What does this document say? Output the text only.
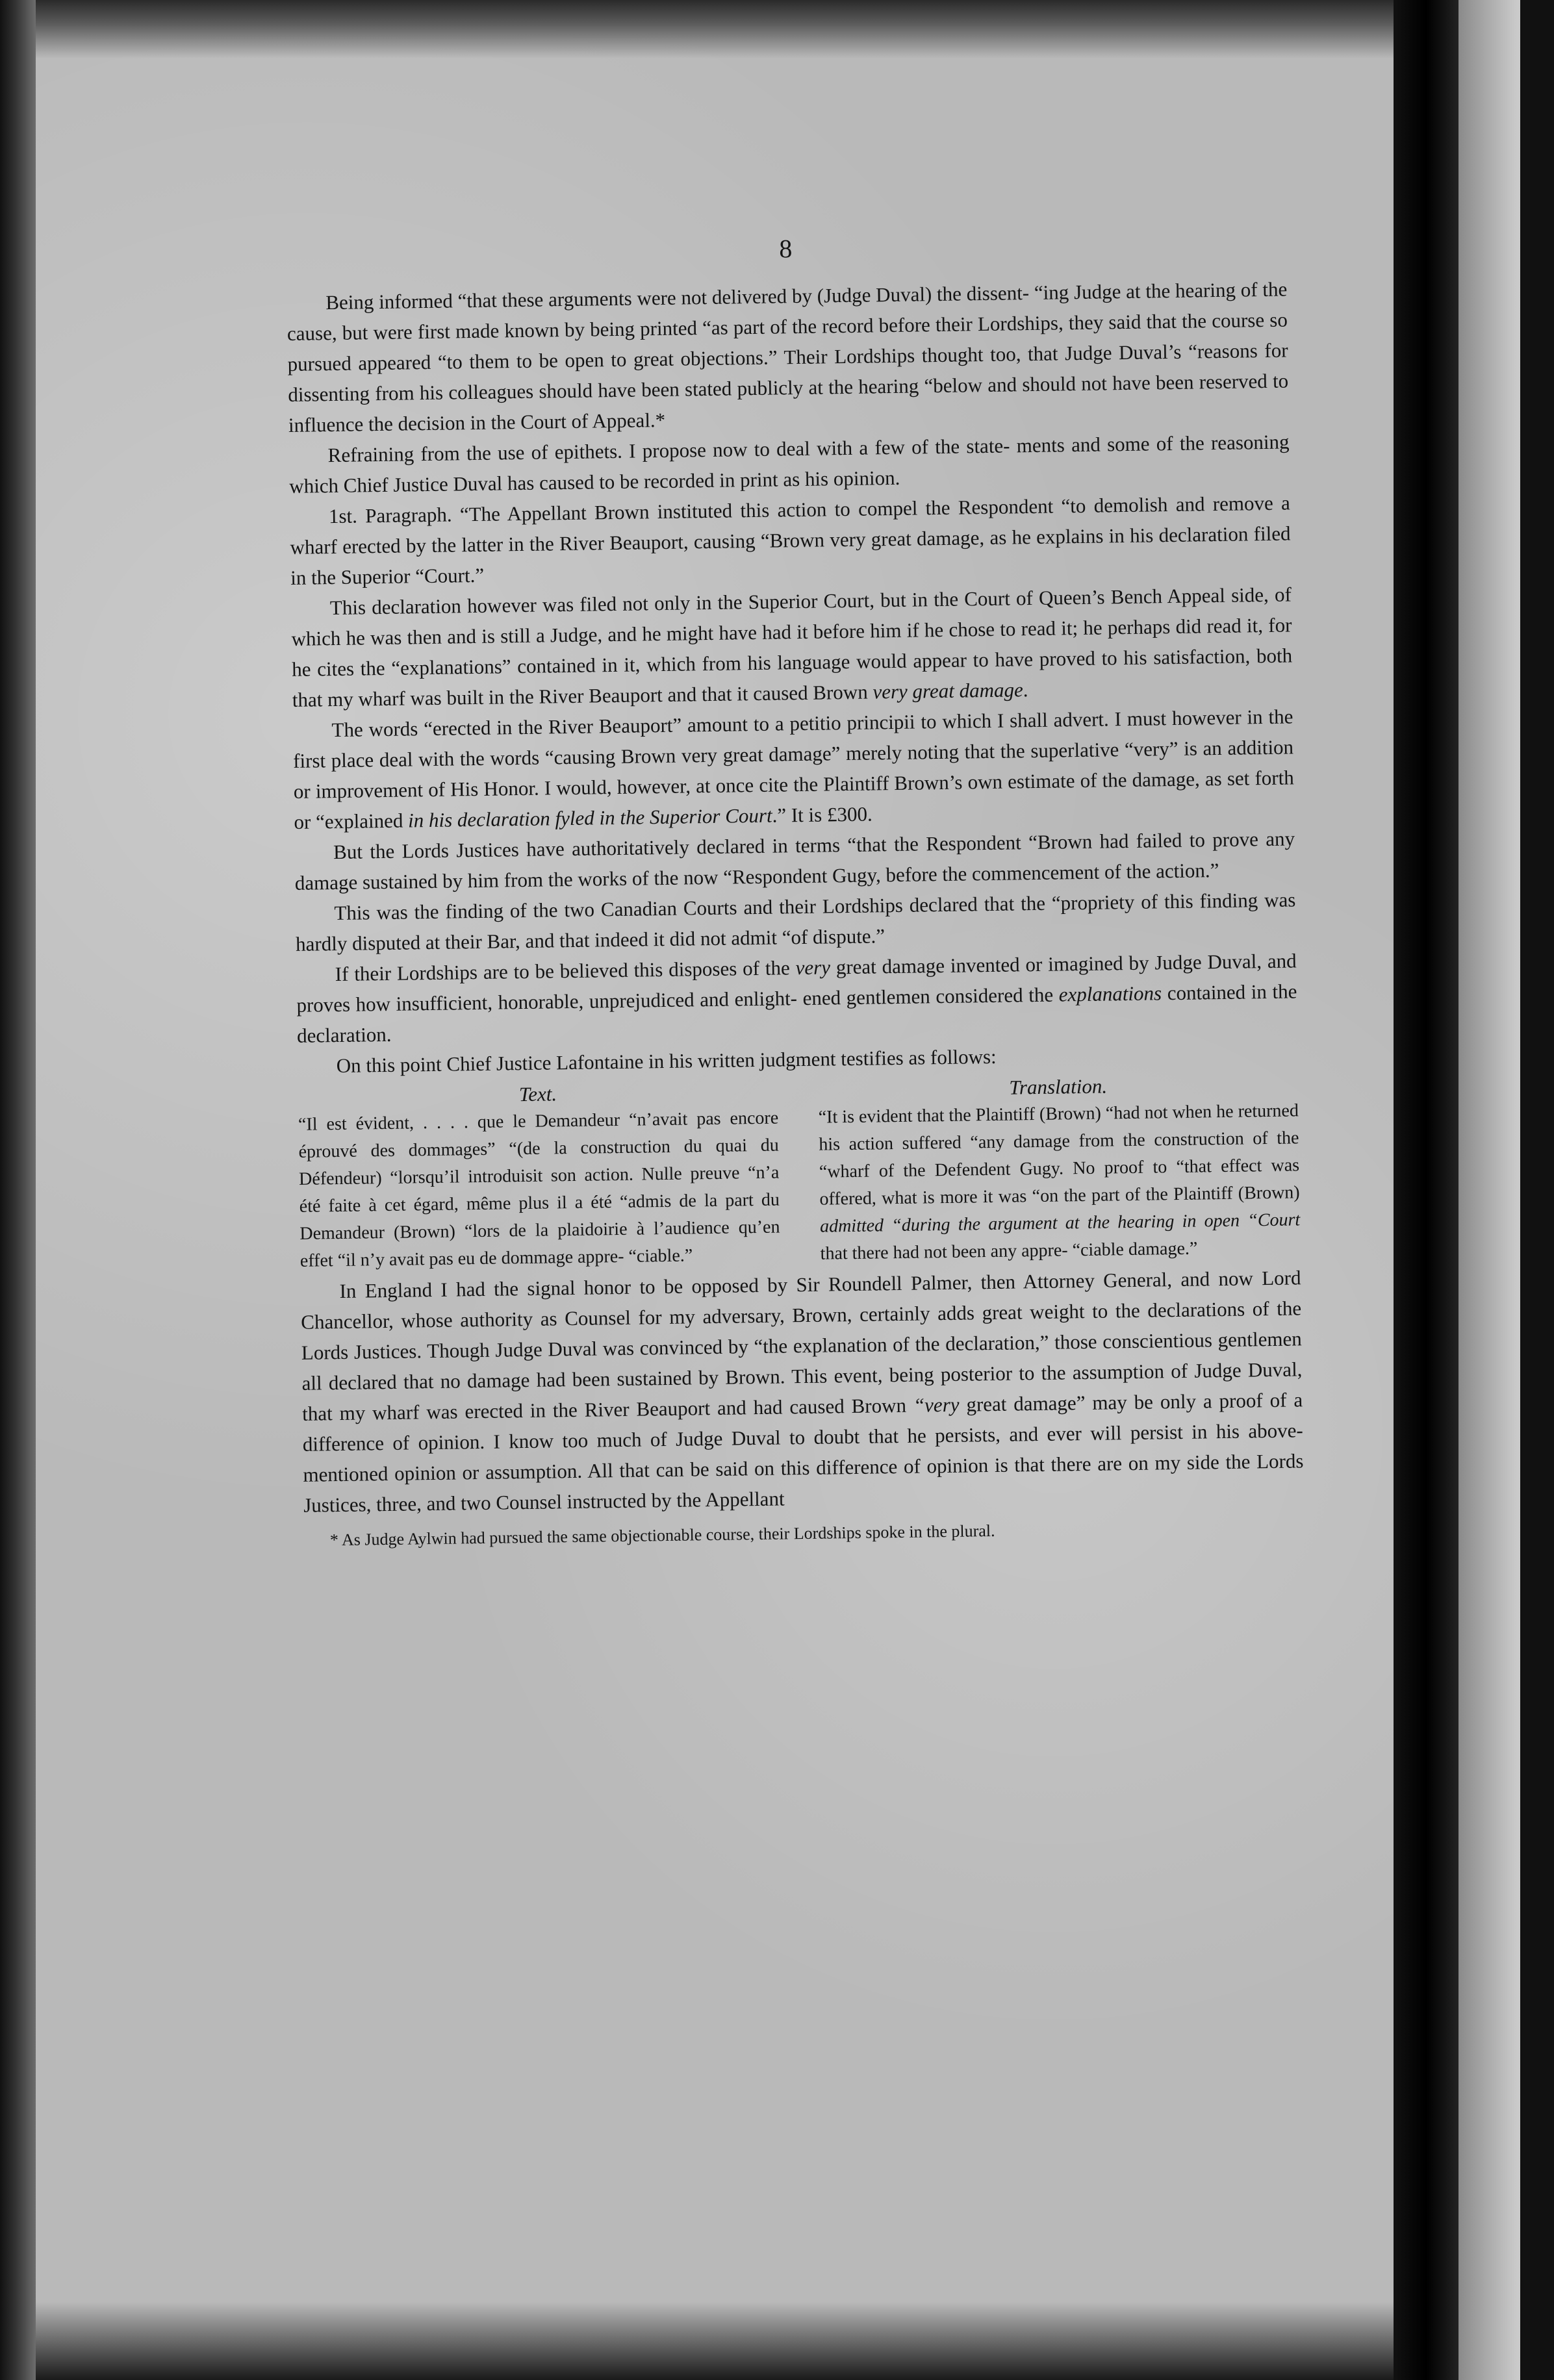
8

Being informed “that these arguments were not delivered by (Judge Duval) the dissent- “ing Judge at the hearing of the cause, but were first made known by being printed “as part of the record before their Lordships, they said that the course so pursued appeared “to them to be open to great objections.” Their Lordships thought too, that Judge Duval’s “reasons for dissenting from his colleagues should have been stated publicly at the hearing “below and should not have been reserved to influence the decision in the Court of Appeal.*

Refraining from the use of epithets. I propose now to deal with a few of the state- ments and some of the reasoning which Chief Justice Duval has caused to be recorded in print as his opinion.

1st. Paragraph. “The Appellant Brown instituted this action to compel the Respondent “to demolish and remove a wharf erected by the latter in the River Beauport, causing “Brown very great damage, as he explains in his declaration filed in the Superior “Court.”

This declaration however was filed not only in the Superior Court, but in the Court of Queen’s Bench Appeal side, of which he was then and is still a Judge, and he might have had it before him if he chose to read it; he perhaps did read it, for he cites the “explanations” contained in it, which from his language would appear to have proved to his satisfaction, both that my wharf was built in the River Beauport and that it caused Brown very great damage.

The words “erected in the River Beauport” amount to a petitio principii to which I shall advert. I must however in the first place deal with the words “causing Brown very great damage” merely noting that the superlative “very” is an addition or improvement of His Honor. I would, however, at once cite the Plaintiff Brown’s own estimate of the damage, as set forth or “explained in his declaration fyled in the Superior Court.” It is £300.

But the Lords Justices have authoritatively declared in terms “that the Respondent “Brown had failed to prove any damage sustained by him from the works of the now “Respondent Gugy, before the commencement of the action.”

This was the finding of the two Canadian Courts and their Lordships declared that the “propriety of this finding was hardly disputed at their Bar, and that indeed it did not admit “of dispute.”

If their Lordships are to be believed this disposes of the very great damage invented or imagined by Judge Duval, and proves how insufficient, honorable, unprejudiced and enlight- ened gentlemen considered the explanations contained in the declaration.

On this point Chief Justice Lafontaine in his written judgment testifies as follows:

Text.

“Il est évident, . . . . que le Demandeur “n’avait pas encore éprouvé des dommages” “(de la construction du quai du Défendeur) “lorsqu’il introduisit son action. Nulle preuve “n’a été faite à cet égard, même plus il a été “admis de la part du Demandeur (Brown) “lors de la plaidoirie à l’audience qu’en effet “il n’y avait pas eu de dommage appre- “ciable.”

Translation.

“It is evident that the Plaintiff (Brown) “had not when he returned his action suffered “any damage from the construction of the “wharf of the Defendent Gugy. No proof to “that effect was offered, what is more it was “on the part of the Plaintiff (Brown) admitted “during the argument at the hearing in open “Court that there had not been any appre- “ciable damage.”

In England I had the signal honor to be opposed by Sir Roundell Palmer, then Attorney General, and now Lord Chancellor, whose authority as Counsel for my adversary, Brown, certainly adds great weight to the declarations of the Lords Justices. Though Judge Duval was convinced by “the explanation of the declaration,” those conscientious gentlemen all declared that no damage had been sustained by Brown. This event, being posterior to the assumption of Judge Duval, that my wharf was erected in the River Beauport and had caused Brown “very great damage” may be only a proof of a difference of opinion. I know too much of Judge Duval to doubt that he persists, and ever will persist in his above- mentioned opinion or assumption. All that can be said on this difference of opinion is that there are on my side the Lords Justices, three, and two Counsel instructed by the Appellant

* As Judge Aylwin had pursued the same objectionable course, their Lordships spoke in the plural.
